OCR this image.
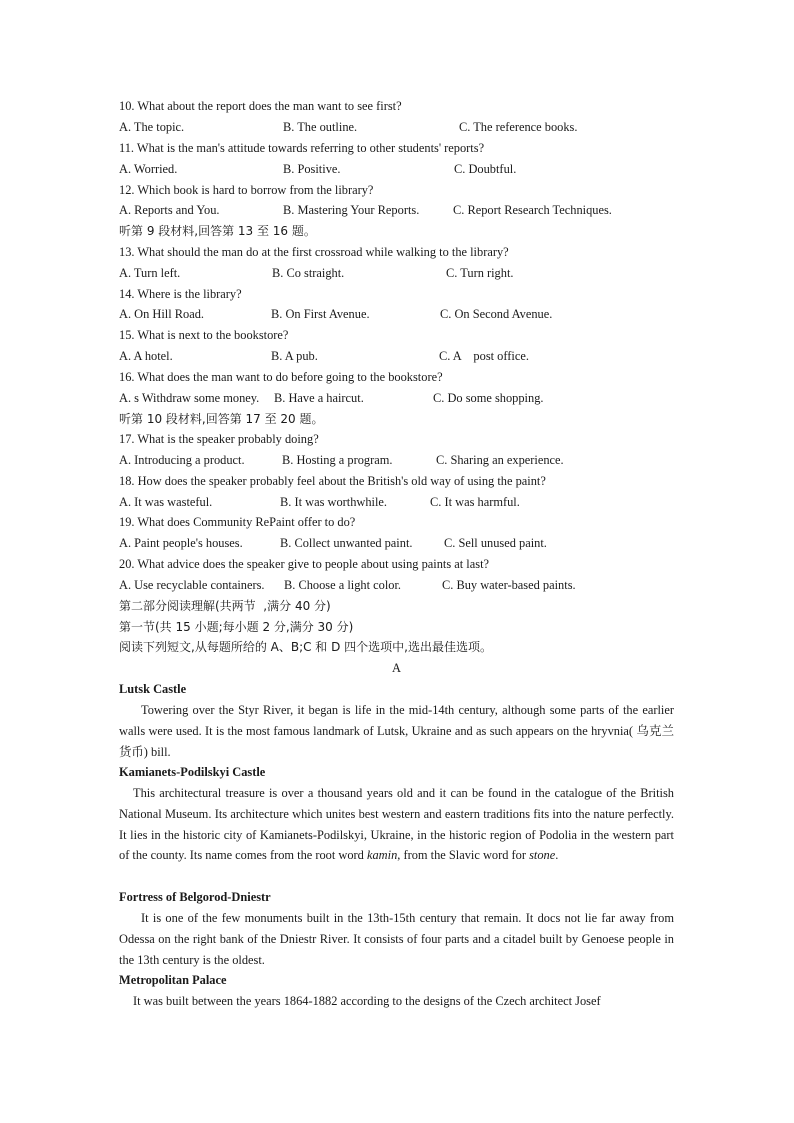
10. What about the report does the man want to see first?
A. The topic.	B. The outline.	C. The reference books.
11. What is the man's attitude towards referring to other students' reports?
A. Worried.	B. Positive.	C. Doubtful.
12. Which book is hard to borrow from the library?
A. Reports and You.	B. Mastering Your Reports.	C. Report Research Techniques.
听第 9 段材料,回答第 13 至 16 题。
13. What should the man do at the first crossroad while walking to the library?
A. Turn left.	B. Co straight.	C. Turn right.
14. Where is the library?
A. On Hill Road.	B. On First Avenue.	C. On Second Avenue.
15. What is next to the bookstore?
A. A hotel.	B. A pub.	C. A    post office.
16. What does the man want to do before going to the bookstore?
A. s Withdraw some money. B. Have a haircut.	C. Do some shopping.
听第 10 段材料,回答第 17 至 20 题。
17. What is the speaker probably doing?
A. Introducing a product.	B. Hosting a program.	C. Sharing an experience.
18. How does the speaker probably feel about the British's old way of using the paint?
A. It was wasteful.	B. It was worthwhile.	C. It was harmful.
19. What does Community RePaint offer to do?
A. Paint people's houses.	B. Collect unwanted paint.	C. Sell unused paint.
20. What advice does the speaker give to people about using paints at last?
A. Use recyclable containers. B. Choose a light color.	C. Buy water-based paints.
第二部分阅读理解(共两节  ,满分 40 分)
第一节(共 15 小题;每小题 2 分,满分 30 分)
阅读下列短文,从每题所给的 A、B;C 和 D 四个选项中,选出最佳选项。
A
Lutsk Castle
Towering over the Styr River, it began is life in the mid-14th century, although some parts of the earlier walls were used. It is the most famous landmark of Lutsk, Ukraine and as such appears on the hryvnia( 乌克兰货币) bill.
Kamianets-Podilskyi Castle
This architectural treasure is over a thousand years old and it can be found in the catalogue of the British National Museum. Its architecture which unites best western and eastern traditions fits into the nature perfectly. It lies in the historic city of Kamianets-Podilskyi, Ukraine, in the historic region of Podolia in the western part of the county. Its name comes from the root word kamin, from the Slavic word for stone.
Fortress of Belgorod-Dniestr
It is one of the few monuments built in the 13th-15th century that remain. It docs not lie far away from Odessa on the right bank of the Dniestr River. It consists of four parts and a citadel built by Genoese people in the 13th century is the oldest.
Metropolitan Palace
It was built between the years 1864-1882 according to the designs of the Czech architect Josef
